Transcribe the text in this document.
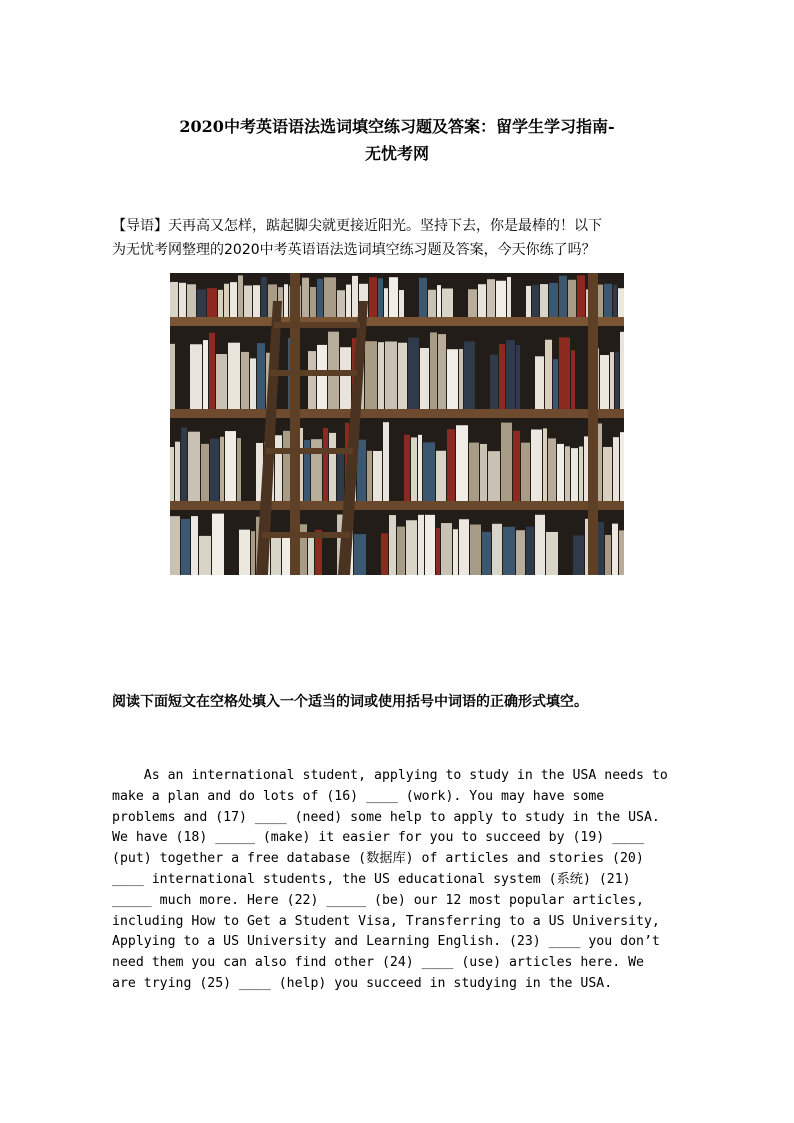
2020中考英语语法选词填空练习题及答案：留学生学习指南-
无忧考网
【导语】天再高又怎样，踮起脚尖就更接近阳光。坚持下去，你是最棒的！以下
为无忧考网整理的2020中考英语语法选词填空练习题及答案，今天你练了吗？
阅读下面短文在空格处填入一个适当的词或使用括号中词语的正确形式填空。
As an international student, applying to study in the USA needs to
make a plan and do lots of (16) ____ (work). You may have some
problems and (17) ____ (need) some help to apply to study in the USA.
We have (18) _____ (make) it easier for you to succeed by (19) ____
(put) together a free database (数据库) of articles and stories (20)
____ international students, the US educational system (系统) (21)
_____ much more. Here (22) _____ (be) our 12 most popular articles,
including How to Get a Student Visa, Transferring to a US University,
Applying to a US University and Learning English. (23) ____ you don’t
need them you can also find other (24) ____ (use) articles here. We
are trying (25) ____ (help) you succeed in studying in the USA.
